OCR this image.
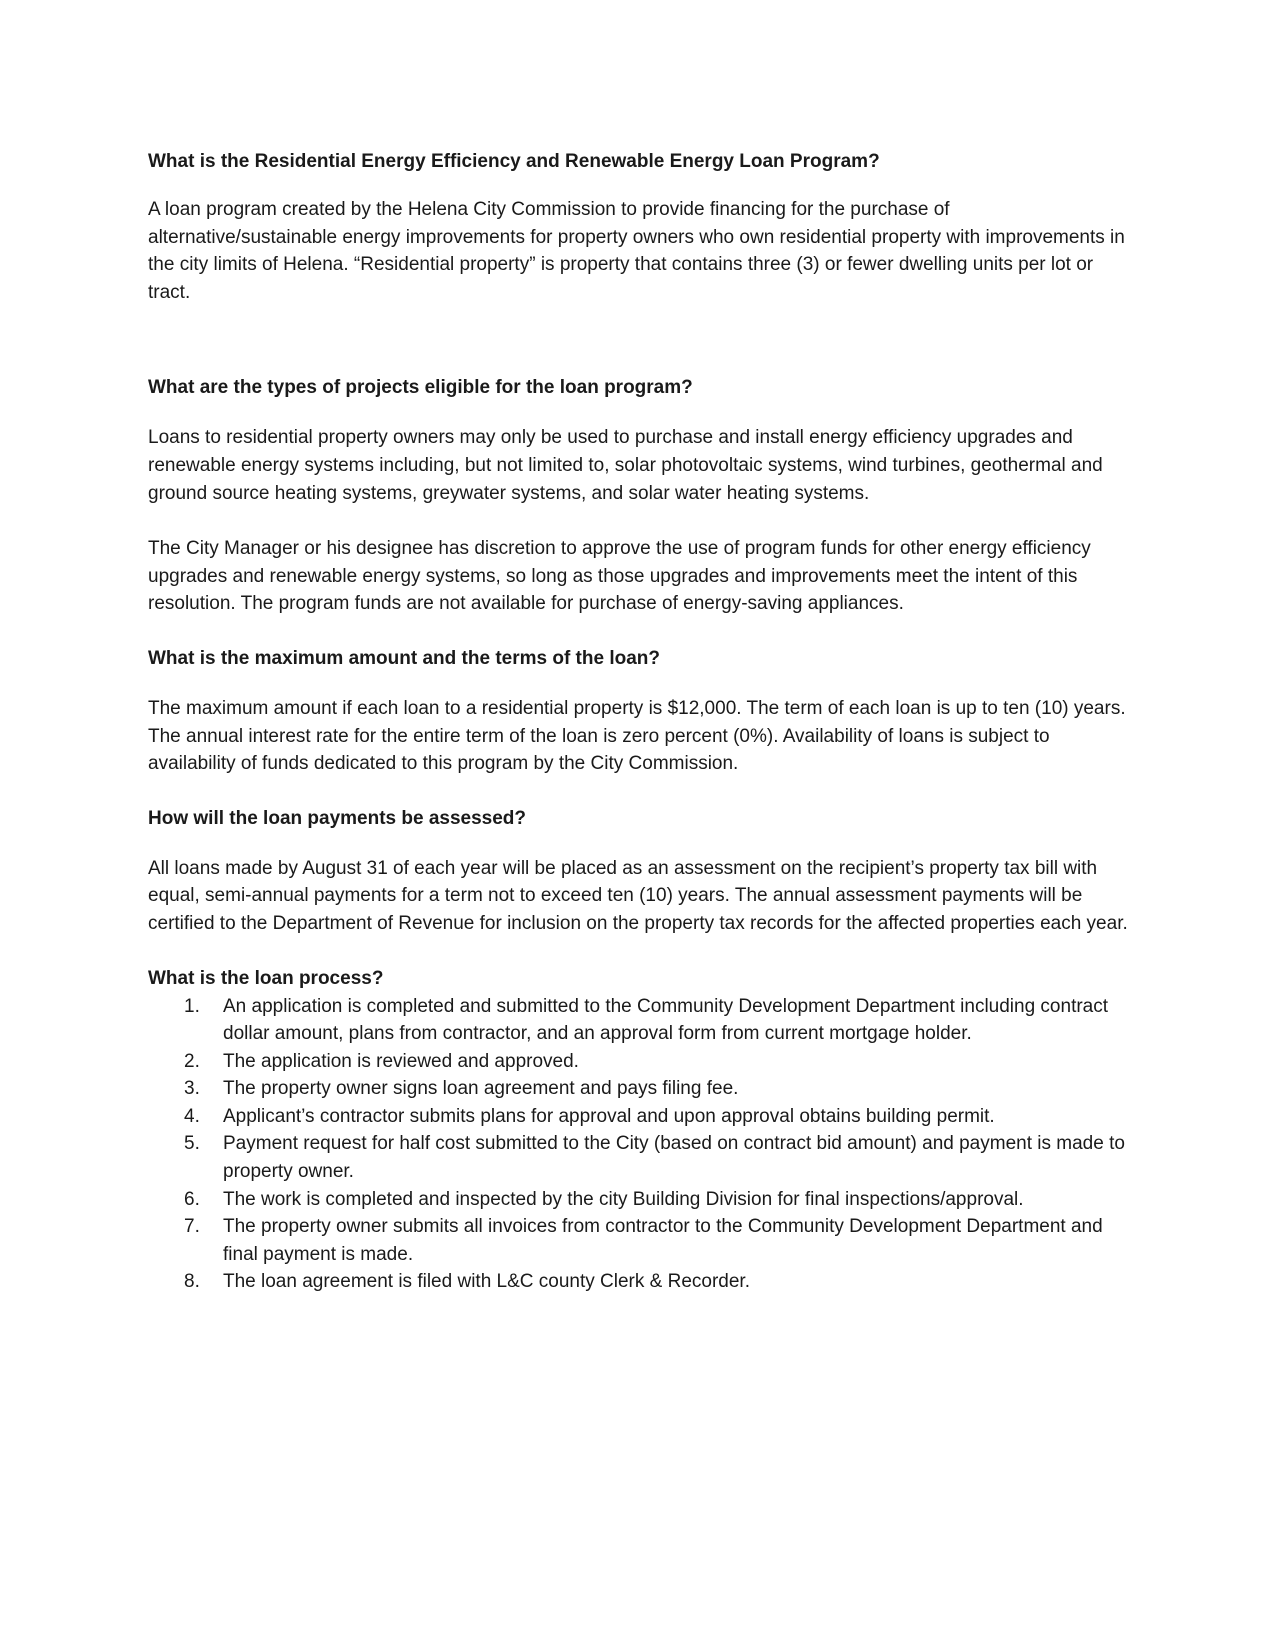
What is the Residential Energy Efficiency and Renewable Energy Loan Program?

A loan program created by the Helena City Commission to provide financing for the purchase of alternative/sustainable energy improvements for property owners who own residential property with improvements in the city limits of Helena. “Residential property” is property that contains three (3) or fewer dwelling units per lot or tract.

What are the types of projects eligible for the loan program?

Loans to residential property owners may only be used to purchase and install energy efficiency upgrades and renewable energy systems including, but not limited to, solar photovoltaic systems, wind turbines, geothermal and ground source heating systems, greywater systems, and solar water heating systems.

The City Manager or his designee has discretion to approve the use of program funds for other energy efficiency upgrades and renewable energy systems, so long as those upgrades and improvements meet the intent of this resolution. The program funds are not available for purchase of energy-saving appliances.

What is the maximum amount and the terms of the loan?

The maximum amount if each loan to a residential property is $12,000. The term of each loan is up to ten (10) years. The annual interest rate for the entire term of the loan is zero percent (0%). Availability of loans is subject to availability of funds dedicated to this program by the City Commission.

How will the loan payments be assessed?

All loans made by August 31 of each year will be placed as an assessment on the recipient’s property tax bill with equal, semi-annual payments for a term not to exceed ten (10) years. The annual assessment payments will be certified to the Department of Revenue for inclusion on the property tax records for the affected properties each year.

What is the loan process?
1. An application is completed and submitted to the Community Development Department including contract dollar amount, plans from contractor, and an approval form from current mortgage holder.
2. The application is reviewed and approved.
3. The property owner signs loan agreement and pays filing fee.
4. Applicant’s contractor submits plans for approval and upon approval obtains building permit.
5. Payment request for half cost submitted to the City (based on contract bid amount) and payment is made to property owner.
6. The work is completed and inspected by the city Building Division for final inspections/approval.
7. The property owner submits all invoices from contractor to the Community Development Department and final payment is made.
8. The loan agreement is filed with L&C county Clerk & Recorder.
